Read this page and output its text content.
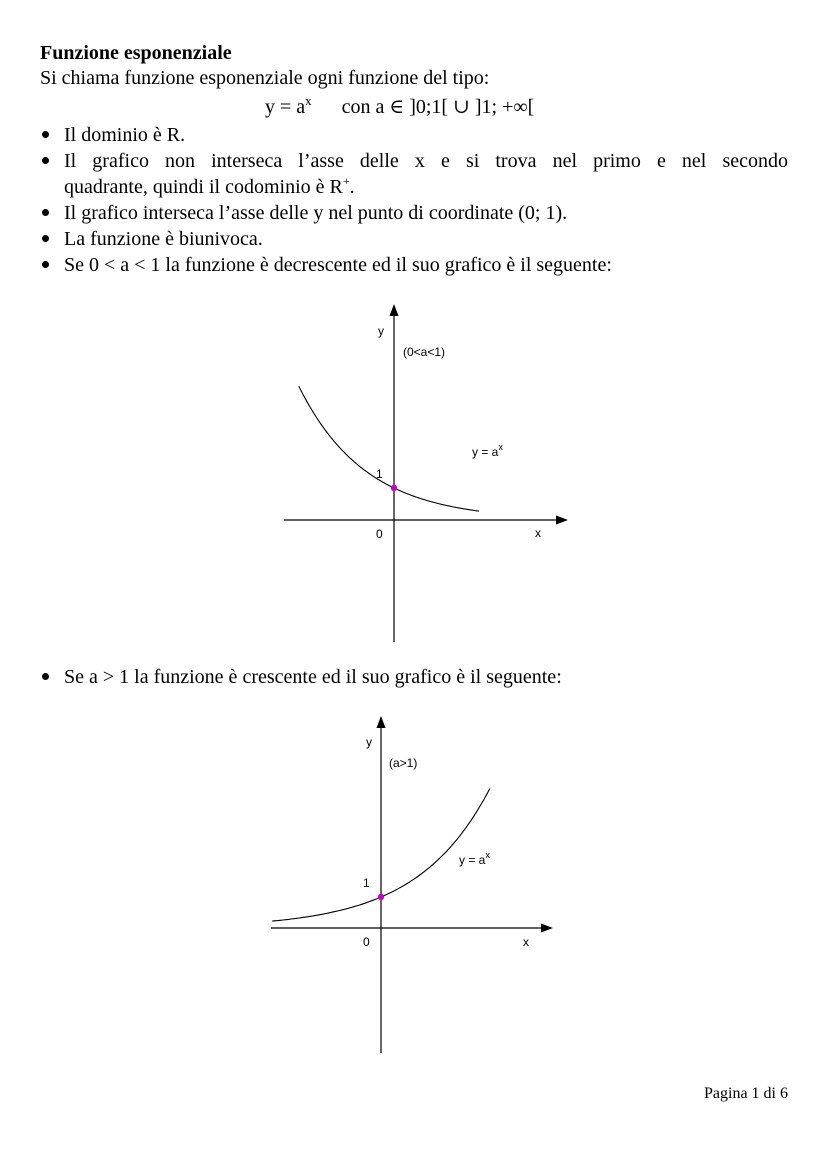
Funzione esponenziale
Si chiama funzione esponenziale ogni funzione del tipo:
$y = a^x$ con a ∈ ]0;1[ ∪ ]1; +∞[
Il dominio è R.
Il grafico non interseca l’asse delle x e si trova nel primo e nel secondo
quadrante, quindi il codominio è R+.
Il grafico interseca l’asse delle y nel punto di coordinate (0; 1).
La funzione è biunivoca.
Se 0 < a < 1 la funzione è decrescente ed il suo grafico è il seguente:
y
(0<a<1)
$y = a^x$
1
0	x
Se a > 1 la funzione è crescente ed il suo grafico è il seguente:
y
(a>1)
$y = a^x$
1
0	x
Pagina 1 di 6
